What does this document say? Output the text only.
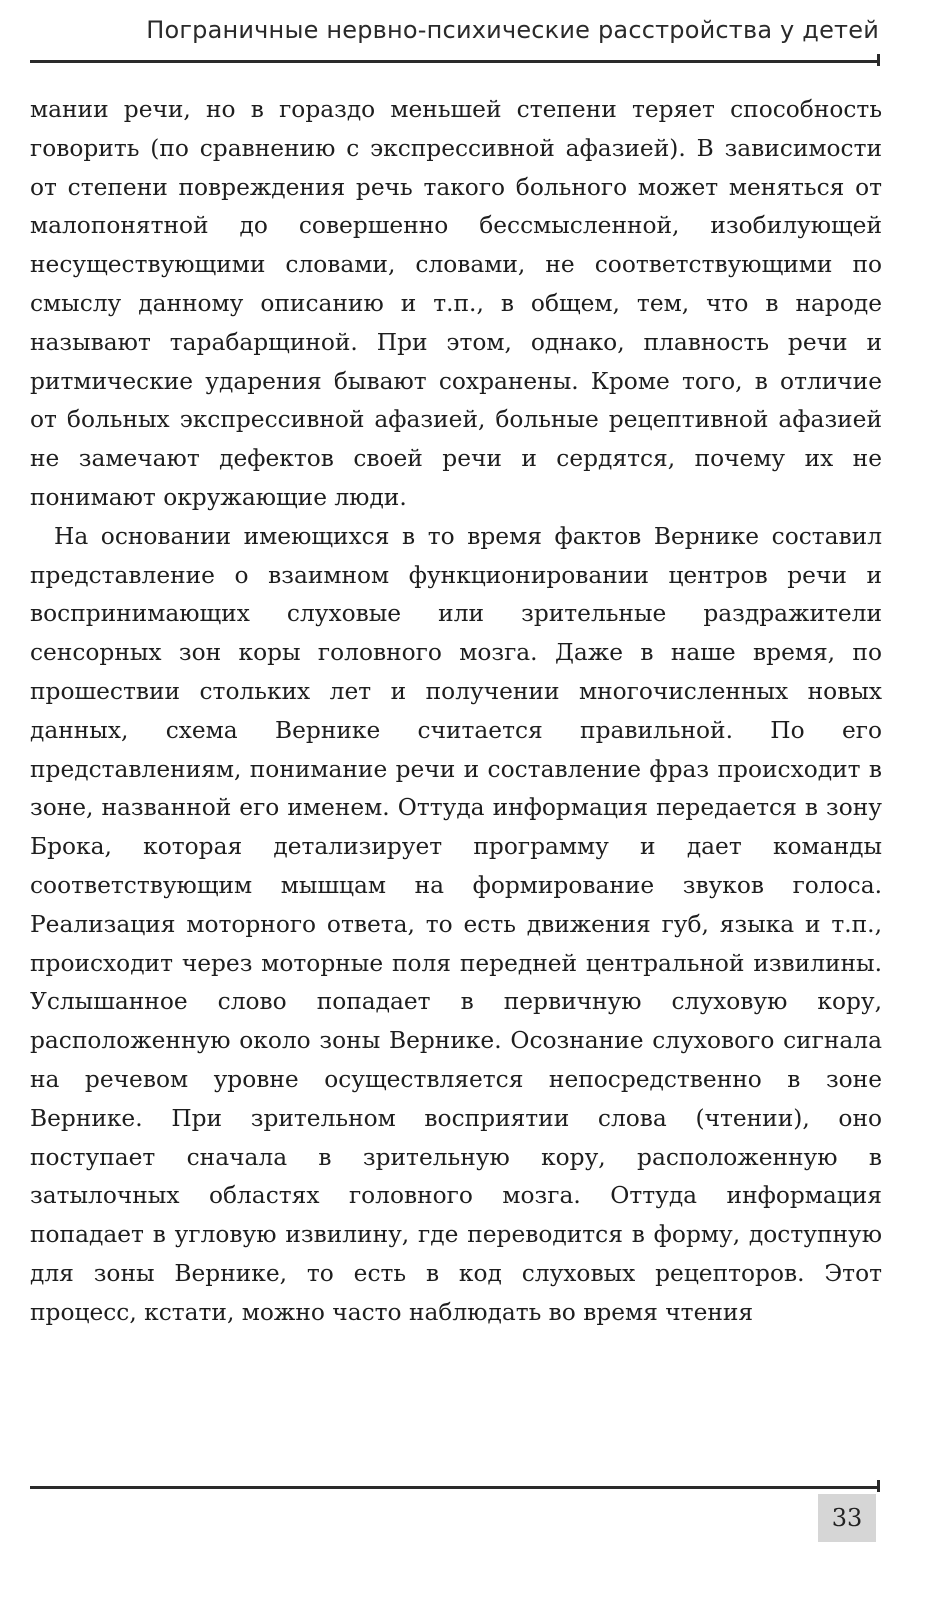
Пограничные нервно-психические расстройства у детей

мании речи, но в гораздо меньшей степени теряет способность говорить (по сравнению с экспрессивной афазией). В зависимости от степени повреждения речь такого больного может меняться от малопонятной до совершенно бессмысленной, изобилующей несуществующими словами, словами, не соответствующими по смыслу данному описанию и т.п., в общем, тем, что в народе называют тарабарщиной. При этом, однако, плавность речи и ритмические ударения бывают сохранены. Кроме того, в отличие от больных экспрессивной афазией, больные рецептивной афазией не замечают дефектов своей речи и сердятся, почему их не понимают окружающие люди.

На основании имеющихся в то время фактов Вернике составил представление о взаимном функционировании центров речи и воспринимающих слуховые или зрительные раздражители сенсорных зон коры головного мозга. Даже в наше время, по прошествии стольких лет и получении многочисленных новых данных, схема Вернике считается правильной. По его представлениям, понимание речи и составление фраз происходит в зоне, названной его именем. Оттуда информация передается в зону Брока, которая детализирует программу и дает команды соответствующим мышцам на формирование звуков голоса. Реализация моторного ответа, то есть движения губ, языка и т.п., происходит через моторные поля передней центральной извилины. Услышанное слово попадает в первичную слуховую кору, расположенную около зоны Вернике. Осознание слухового сигнала на речевом уровне осуществляется непосредственно в зоне Вернике. При зрительном восприятии слова (чтении), оно поступает сначала в зрительную кору, расположенную в затылочных областях головного мозга. Оттуда информация попадает в угловую извилину, где переводится в форму, доступную для зоны Вернике, то есть в код слуховых рецепторов. Этот процесс, кстати, можно часто наблюдать во время чтения

33
